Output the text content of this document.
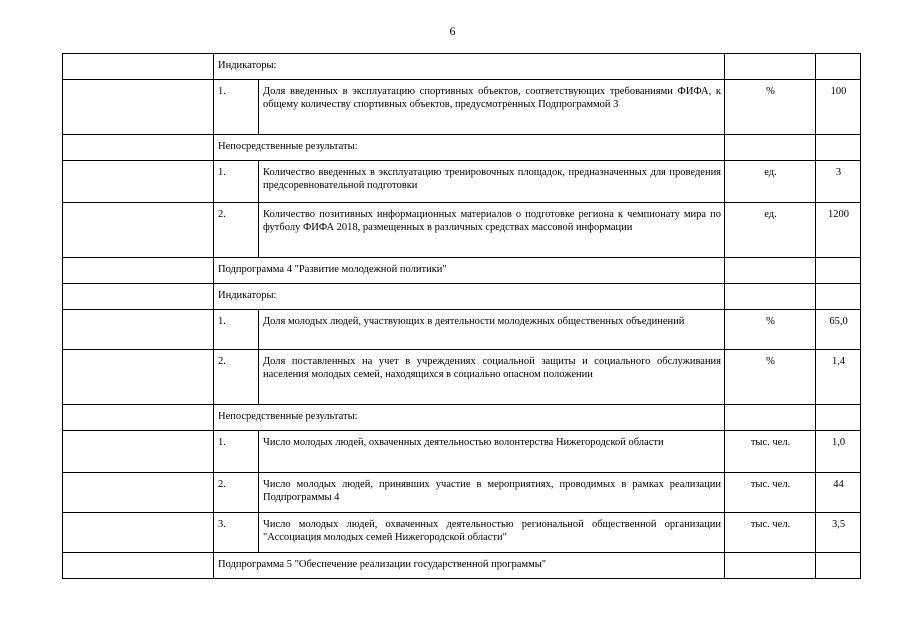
6
	Индикаторы:			
	1.	Доля введенных в эксплуатацию спортивных объектов, соответствующих требованиями ФИФА, к общему количеству спортивных объектов, предусмотренных Подпрограммой 3	%	100
	Непосредственные результаты:			
	1.	Количество введенных в эксплуатацию тренировочных площадок, предназначенных для проведения предсоревновательной подготовки	ед.	3
	2.	Количество позитивных информационных материалов о подготовке региона к чемпионату мира по футболу ФИФА 2018, размещенных в различных средствах массовой информации	ед.	1200
	Подпрограмма 4 "Развитие молодежной политики"			
	Индикаторы:			
	1.	Доля молодых людей, участвующих в деятельности молодежных общественных объединений	%	65,0
	2.	Доля поставленных на учет в учреждениях социальной защиты и социального обслуживания населения молодых семей, находящихся в социально опасном положении	%	1,4
	Непосредственные результаты:			
	1.	Число молодых людей, охваченных деятельностью волонтерства Нижегородской области	тыс. чел.	1,0
	2.	Число молодых людей, принявших участие в мероприятиях, проводимых в рамках реализации Подпрограммы 4	тыс. чел.	44
	3.	Число молодых людей, охваченных деятельностью региональной общественной организации "Ассоциация молодых семей Нижегородской области"	тыс. чел.	3,5
	Подпрограмма 5 "Обеспечение реализации государственной программы"			
